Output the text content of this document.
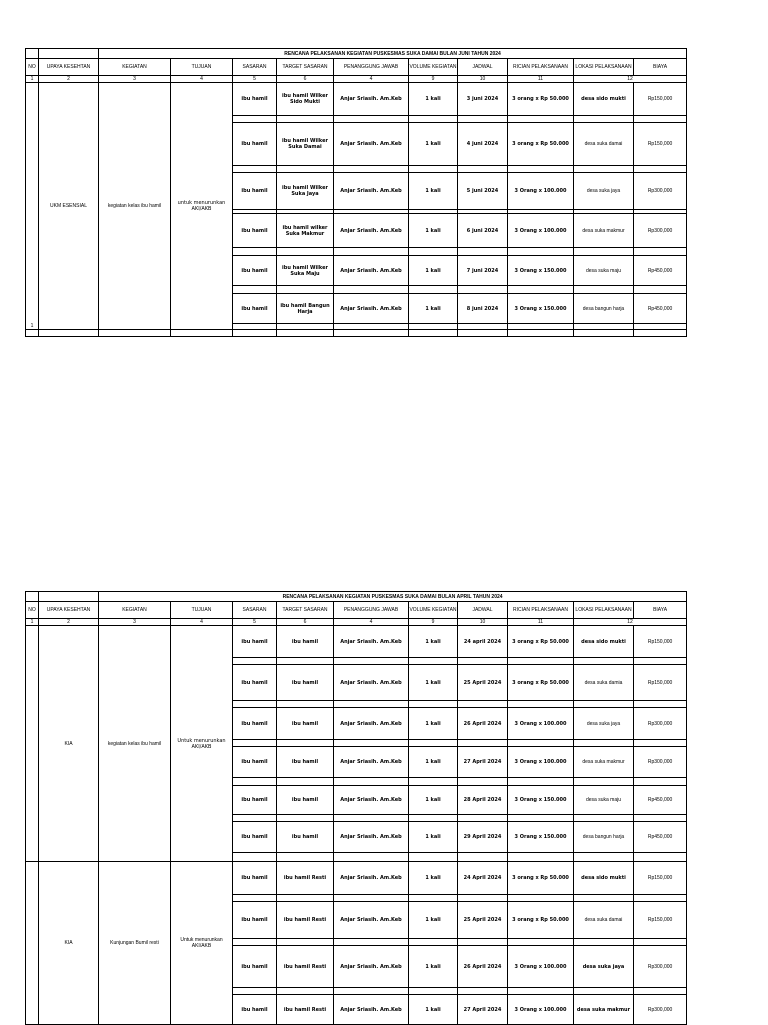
		RENCANA PELAKSANAN KEGIATAN PUSKESMAS SUKA DAMAI BULAN JUNI TAHUN 2024									
NO	UPAYA KESEHTAN	KEGIATAN	TUJUAN	SASARAN	TARGET SASARAN	PENANGGUNG JAWAB	VOLUME KEGIATAN	JADWAL	RICIAN PELAKSANAAN	LOKASI PELAKSANAAN	BIAYA
1	2	3	4	5	6	4	9	10	11	12	
1	UKM ESENSIAL	kegiatan kelas ibu hamil	untuk menurunkan AKI/AKB	ibu hamil	ibu hamil Wilker Sido Mukti	Anjar Sriasih. Am.Keb	1 kali	3 juni 2024	3 orang x Rp 50.000	desa sido mukti	Rp150,000

				ibu hamil	ibu hamil Wilker Suka Damai	Anjar Sriasih. Am.Keb	1 kali	4 juni 2024	3 orang x Rp 50.000	desa suka damai	Rp150,000

				ibu hamil	ibu hamil Wilker Suka Jaya	Anjar Sriasih. Am.Keb	1 kali	5 juni 2024	3 Orang x 100.000	desa suka jaya	Rp300,000

				ibu hamil	ibu hamil wilker Suka Makmur	Anjar Sriasih. Am.Keb	1 kali	6 juni 2024	3 Orang x 100.000	desa suka makmur	Rp300,000

				ibu hamil	ibu hamil Wilker Suka Maju	Anjar Sriasih. Am.Keb	1 kali	7 juni 2024	3 Orang x 150.000	desa suka maju	Rp450,000

				ibu hamil	ibu hamil Bangun Harja	Anjar Sriasih. Am.Keb	1 kali	8 juni 2024	3 Orang x 150.000	desa bangun harja	Rp450,000

		RENCANA PELAKSANAN KEGIATAN PUSKESMAS SUKA DAMAI BULAN APRIL TAHUN 2024									
NO	UPAYA KESEHTAN	KEGIATAN	TUJUAN	SASARAN	TARGET SASARAN	PENANGGUNG JAWAB	VOLUME KEGIATAN	JADWAL	RICIAN PELAKSANAAN	LOKASI PELAKSANAAN	BIAYA
1	2	3	4	5	6	4	9	10	11	12	
	KIA	kegiatan kelas ibu hamil	Untuk menurunkan AKI/AKB	ibu hamil	ibu hamil	Anjar Sriasih. Am.Keb	1 kali	24 april 2024	3 orang x Rp 50.000	desa sido mukti	Rp150,000

				ibu hamil	ibu hamil	Anjar Sriasih. Am.Keb	1 kali	25 April 2024	3 orang x Rp 50.000	desa suka damia	Rp150,000

				ibu hamil	ibu hamil	Anjar Sriasih. Am.Keb	1 kali	26 April 2024	3 Orang x 100.000	desa suka jaya	Rp300,000

				ibu hamil	ibu hamil	Anjar Sriasih. Am.Keb	1 kali	27 April 2024	3 Orang x 100.000	desa suka makmur	Rp300,000

				ibu hamil	ibu hamil	Anjar Sriasih. Am.Keb	1 kali	28 April 2024	3 Orang x 150.000	desa suka maju	Rp450,000

				ibu hamil	ibu hamil	Anjar Sriasih. Am.Keb	1 kali	29 April 2024	3 Orang x 150.000	desa bangun harja	Rp450,000

	KIA	Kunjungan Bumil resti	Untuk menurunkan AKI/AKB	ibu hamil	ibu hamil Resti	Anjar Sriasih. Am.Keb	1 kali	24 April 2024	3 orang x Rp 50.000	desa sido mukti	Rp150,000

				ibu hamil	ibu hamil Resti	Anjar Sriasih. Am.Keb	1 kali	25 April 2024	3 orang x Rp 50.000	desa suka damai	Rp150,000

				ibu hamil	ibu hamil Resti	Anjar Sriasih. Am.Keb	1 kali	26 April 2024	3 Orang x 100.000	desa suka jaya	Rp300,000

				ibu hamil	ibu hamil Resti	Anjar Sriasih. Am.Keb	1 kali	27 April 2024	3 Orang x 100.000	desa suka makmur	Rp300,000
